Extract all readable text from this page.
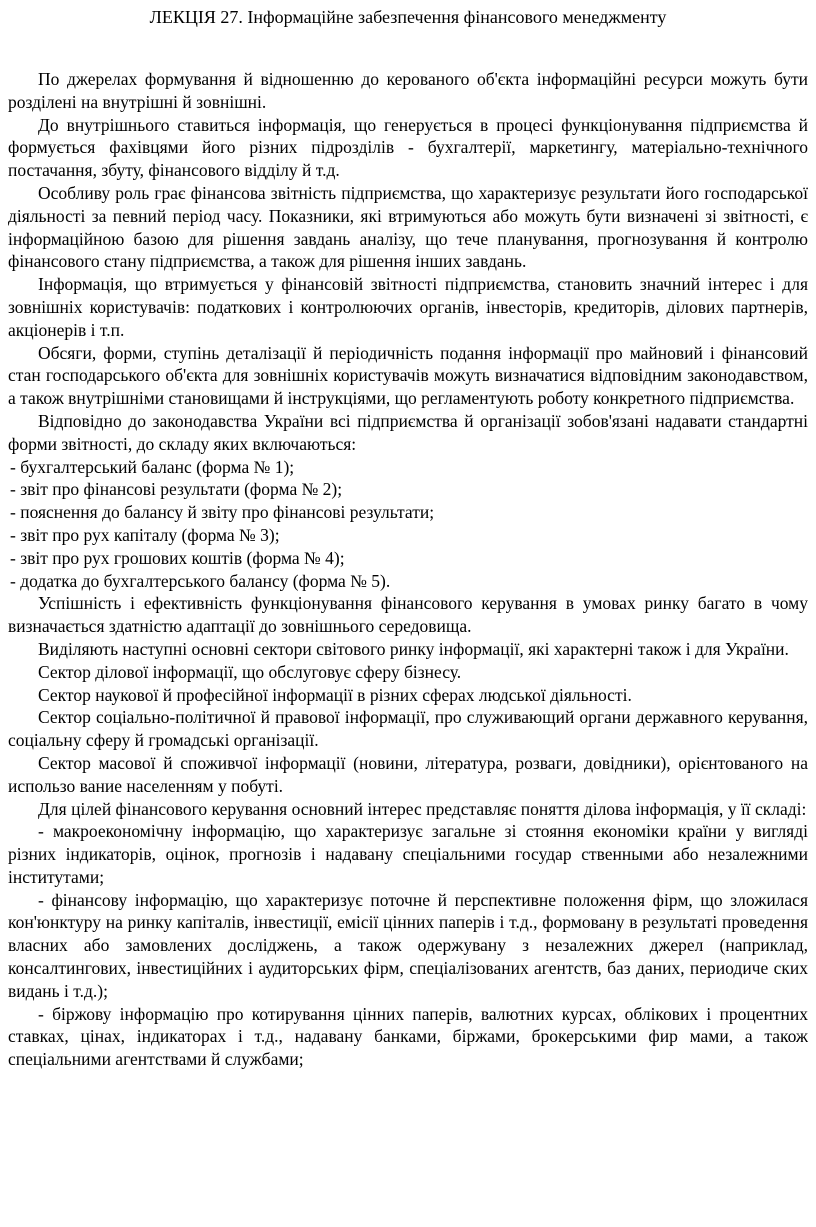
ЛЕКЦІЯ 27. Інформаційне забезпечення фінансового менеджменту

По джерелах формування й відношенню до керованого об'єкта інформаційні ресурси можуть бути розділені на внутрішні й зовнішні.

До внутрішнього ставиться інформація, що генерується в процесі функціонування підприємства й формується фахівцями його різних підрозділів - бухгалтерії, маркетингу, матеріально-технічного постачання, збуту, фінансового відділу й т.д.

Особливу роль грає фінансова звітність підприємства, що характеризує результати його господарської діяльності за певний період часу. Показники, які втримуються або можуть бути визначені зі звітності, є інформаційною базою для рішення завдань аналізу, що тече планування, прогнозування й контролю фінансового стану підприємства, а також для рішення інших завдань.

Інформація, що втримується у фінансовій звітності підприємства, становить значний інтерес і для зовнішніх користувачів: податкових і контролюючих органів, інвесторів, кредиторів, ділових партнерів, акціонерів і т.п.

Обсяги, форми, ступінь деталізації й періодичність подання інформації про майновий і фінансовий стан господарського об'єкта для зовнішніх користувачів можуть визначатися відповідним законодавством, а також внутрішніми становищами й інструкціями, що регламентують роботу конкретного підприємства.

Відповідно до законодавства України всі підприємства й організації зобов'язані надавати стандартні форми звітності, до складу яких включаються:

- бухгалтерський баланс (форма № 1);
- звіт про фінансові результати (форма № 2);
- пояснення до балансу й звіту про фінансові результати;
- звіт про рух капіталу (форма № 3);
- звіт про рух грошових коштів (форма № 4);
- додатка до бухгалтерського балансу (форма № 5).

Успішність і ефективність функціонування фінансового керування в умовах ринку багато в чому визначається здатністю адаптації до зовнішнього середовища.

Виділяють наступні основні сектори світового ринку інформації, які характерні також і для України.

Сектор ділової інформації, що обслуговує сферу бізнесу.

Сектор наукової й професійної інформації в різних сферах людської діяльності.

Сектор соціально-політичної й правової інформації, про служивающий органи державного керування, соціальну сферу й громадські організації.

Сектор масової й споживчої інформації (новини, література, розваги, довідники), орієнтованого на использо вание населенням у побуті.

Для цілей фінансового керування основний інтерес представляє поняття ділова інформація, у її складі:

- макроекономічну інформацію, що характеризує загальне зі стояння економіки країни у вигляді різних індикаторів, оцінок, прогнозів і надавану спеціальними государ ственными або незалежними інститутами;

- фінансову інформацію, що характеризує поточне й перспективне положення фірм, що зложилася кон'юнктуру на ринку капіталів, інвестиції, емісії цінних паперів і т.д., формовану в результаті проведення власних або замовлених досліджень, а також одержувану з незалежних джерел (наприклад, консалтингових, інвестиційних і аудиторських фірм, спеціалізованих агентств, баз даних, периодиче ских видань і т.д.);

- біржову інформацію про котирування цінних паперів, валютних курсах, облікових і процентних ставках, цінах, індикаторах і т.д., надавану банками, біржами, брокерськими фир мами, а також спеціальними агентствами й службами;
